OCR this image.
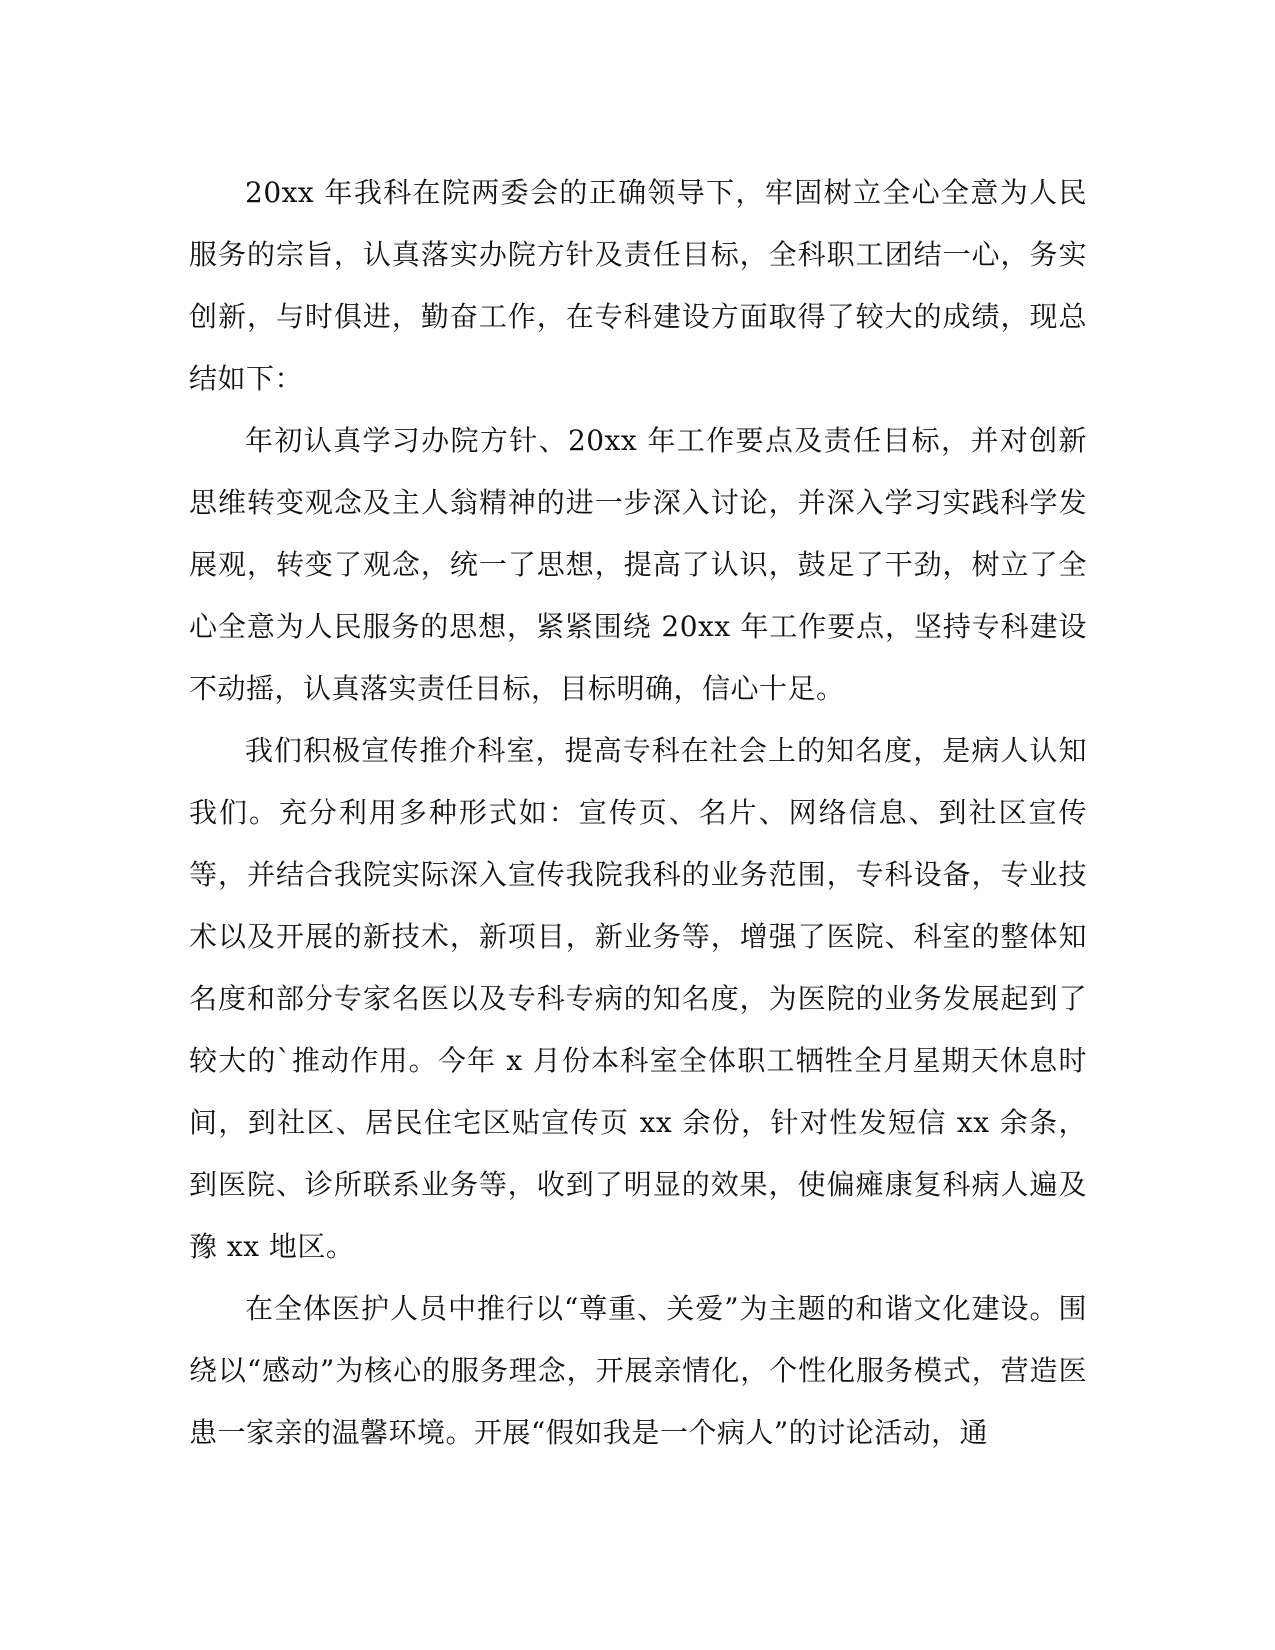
20xx 年我科在院两委会的正确领导下，牢固树立全心全意为人民服务的宗旨，认真落实办院方针及责任目标，全科职工团结一心，务实创新，与时俱进，勤奋工作，在专科建设方面取得了较大的成绩，现总结如下：

年初认真学习办院方针、20xx 年工作要点及责任目标，并对创新思维转变观念及主人翁精神的进一步深入讨论，并深入学习实践科学发展观，转变了观念，统一了思想，提高了认识，鼓足了干劲，树立了全心全意为人民服务的思想，紧紧围绕 20xx 年工作要点，坚持专科建设不动摇，认真落实责任目标，目标明确，信心十足。

我们积极宣传推介科室，提高专科在社会上的知名度，是病人认知我们。充分利用多种形式如：宣传页、名片、网络信息、到社区宣传等，并结合我院实际深入宣传我院我科的业务范围，专科设备，专业技术以及开展的新技术，新项目，新业务等，增强了医院、科室的整体知名度和部分专家名医以及专科专病的知名度，为医院的业务发展起到了较大的`推动作用。今年 x 月份本科室全体职工牺牲全月星期天休息时间，到社区、居民住宅区贴宣传页 xx 余份，针对性发短信 xx 余条，到医院、诊所联系业务等，收到了明显的效果，使偏瘫康复科病人遍及豫 xx 地区。

在全体医护人员中推行以“尊重、关爱”为主题的和谐文化建设。围绕以“感动”为核心的服务理念，开展亲情化，个性化服务模式，营造医患一家亲的温馨环境。开展“假如我是一个病人”的讨论活动，通
